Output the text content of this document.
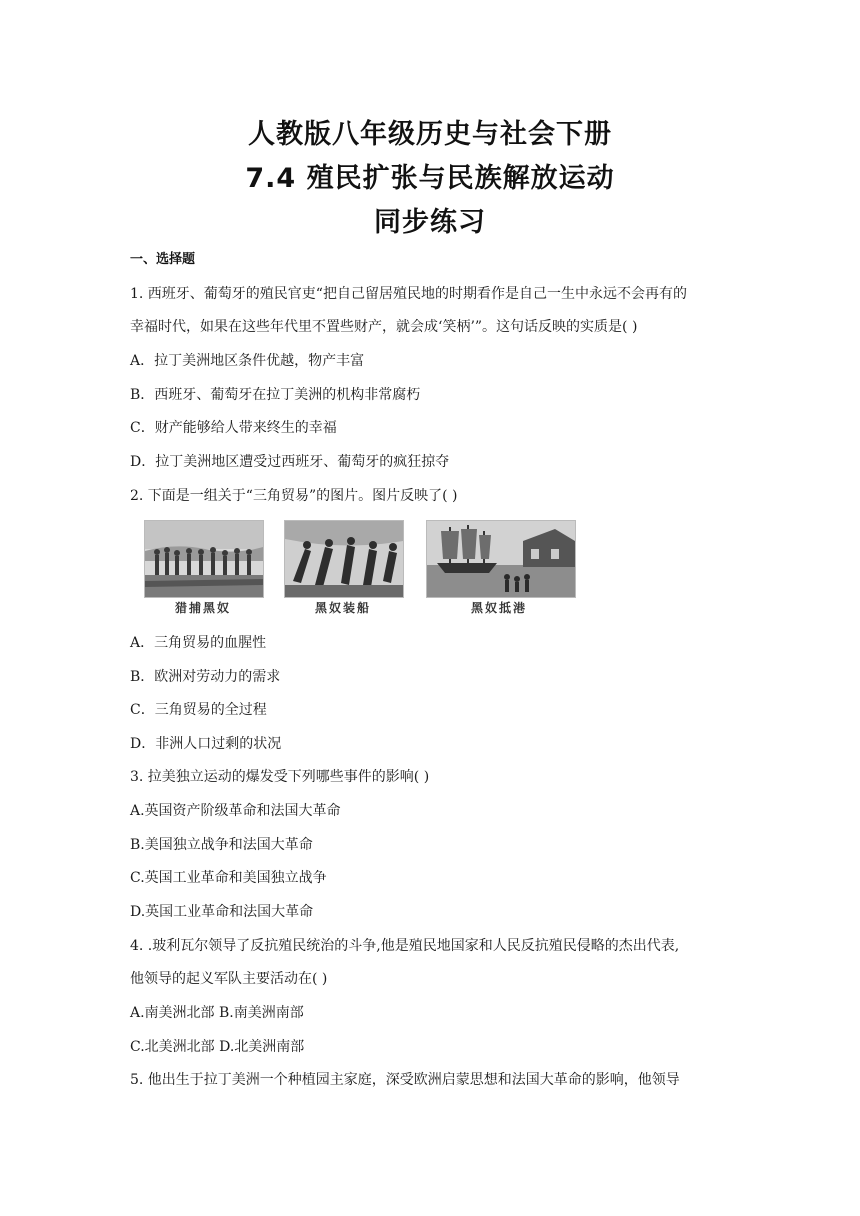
人教版八年级历史与社会下册
7.4 殖民扩张与民族解放运动
同步练习
一、选择题
1. 西班牙、葡萄牙的殖民官吏“把自己留居殖民地的时期看作是自己一生中永远不会再有的
幸福时代，如果在这些年代里不置些财产，就会成‘笑柄’”。这句话反映的实质是( )
A．拉丁美洲地区条件优越，物产丰富
B．西班牙、葡萄牙在拉丁美洲的机构非常腐朽
C．财产能够给人带来终生的幸福
D．拉丁美洲地区遭受过西班牙、葡萄牙的疯狂掠夺
2. 下面是一组关于“三角贸易”的图片。图片反映了( )
猎捕黑奴	黑奴装船	黑奴抵港
A．三角贸易的血腥性
B．欧洲对劳动力的需求
C．三角贸易的全过程
D．非洲人口过剩的状况
3. 拉美独立运动的爆发受下列哪些事件的影响( )
A.英国资产阶级革命和法国大革命
B.美国独立战争和法国大革命
C.英国工业革命和美国独立战争
D.英国工业革命和法国大革命
4. .玻利瓦尔领导了反抗殖民统治的斗争,他是殖民地国家和人民反抗殖民侵略的杰出代表,
他领导的起义军队主要活动在( )
A.南美洲北部 B.南美洲南部
C.北美洲北部 D.北美洲南部
5. 他出生于拉丁美洲一个种植园主家庭，深受欧洲启蒙思想和法国大革命的影响，他领导
